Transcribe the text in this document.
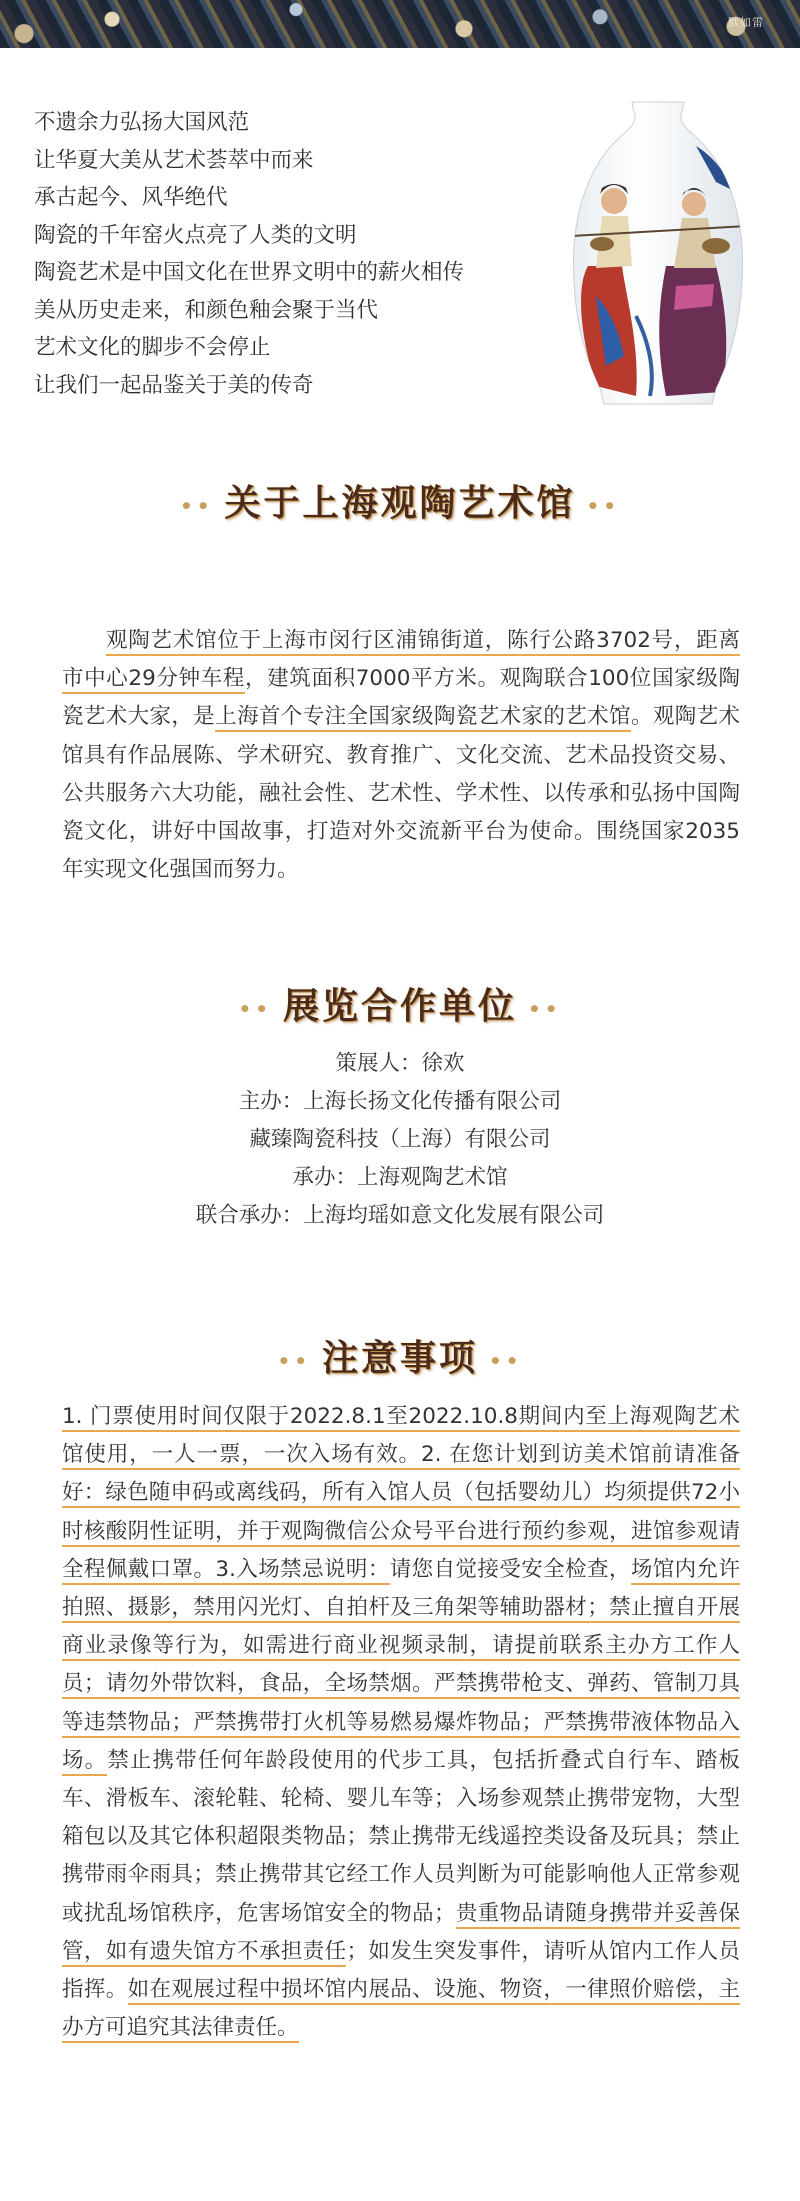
默如雷
不遗余力弘扬大国风范
让华夏大美从艺术荟萃中而来
承古起今、风华绝代
陶瓷的千年窑火点亮了人类的文明
陶瓷艺术是中国文化在世界文明中的薪火相传
美从历史走来，和颜色釉会聚于当代
艺术文化的脚步不会停止
让我们一起品鉴关于美的传奇
•• 关于上海观陶艺术馆 ••
观陶艺术馆位于上海市闵行区浦锦街道，陈行公路3702号，距离市中心29分钟车程，建筑面积7000平方米。观陶联合100位国家级陶瓷艺术大家，是上海首个专注全国家级陶瓷艺术家的艺术馆。观陶艺术馆具有作品展陈、学术研究、教育推广、文化交流、艺术品投资交易、公共服务六大功能，融社会性、艺术性、学术性、以传承和弘扬中国陶瓷文化，讲好中国故事，打造对外交流新平台为使命。围绕国家2035年实现文化强国而努力。
•• 展览合作单位 ••
策展人：徐欢
主办：上海长扬文化传播有限公司
藏臻陶瓷科技（上海）有限公司
承办：上海观陶艺术馆
联合承办：上海均瑶如意文化发展有限公司
•• 注意事项 ••
1. 门票使用时间仅限于2022.8.1至2022.10.8期间内至上海观陶艺术馆使用，一人一票，一次入场有效。2. 在您计划到访美术馆前请准备好：绿色随申码或离线码，所有入馆人员（包括婴幼儿）均须提供72小时核酸阴性证明，并于观陶微信公众号平台进行预约参观，进馆参观请全程佩戴口罩。3.入场禁忌说明：请您自觉接受安全检查，场馆内允许拍照、摄影，禁用闪光灯、自拍杆及三角架等辅助器材；禁止擅自开展商业录像等行为，如需进行商业视频录制，请提前联系主办方工作人员；请勿外带饮料，食品，全场禁烟。严禁携带枪支、弹药、管制刀具等违禁物品；严禁携带打火机等易燃易爆炸物品；严禁携带液体物品入场。禁止携带任何年龄段使用的代步工具，包括折叠式自行车、踏板车、滑板车、滚轮鞋、轮椅、婴儿车等；入场参观禁止携带宠物，大型箱包以及其它体积超限类物品；禁止携带无线遥控类设备及玩具；禁止携带雨伞雨具；禁止携带其它经工作人员判断为可能影响他人正常参观或扰乱场馆秩序，危害场馆安全的物品；贵重物品请随身携带并妥善保管，如有遗失馆方不承担责任；如发生突发事件，请听从馆内工作人员指挥。如在观展过程中损坏馆内展品、设施、物资，一律照价赔偿，主办方可追究其法律责任。
